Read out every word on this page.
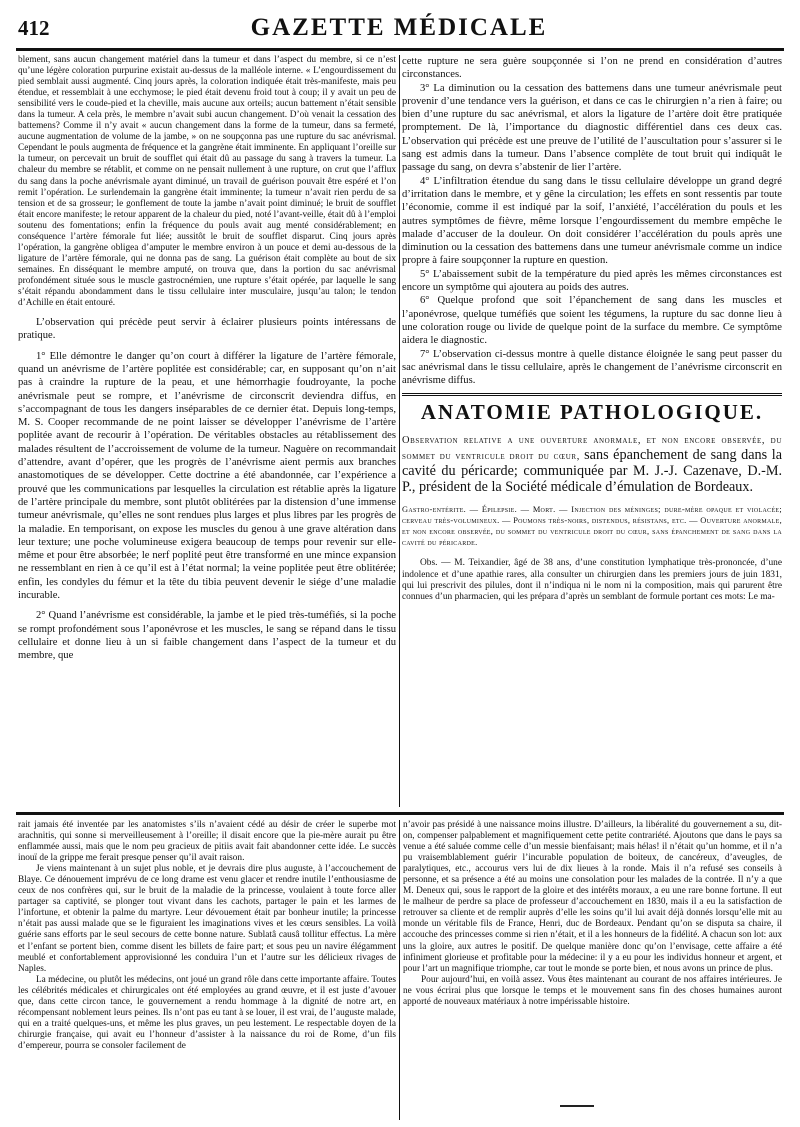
412	GAZETTE MÉDICALE

blement, sans aucun changement matériel dans la tumeur et dans l’aspect du membre, si ce n’est qu’une légère coloration purpurine existait au-dessus de la malléole interne. « L’engourdissement du pied semblait aussi augmenté. Cinq jours après, la coloration indiquée était très-manifeste, mais peu étendue, et ressemblait à une ecchymose; le pied était devenu froid tout à coup; il y avait un peu de sensibilité vers le coude-pied et la cheville, mais aucune aux orteils; aucun battement n’était sensible dans la tumeur. A cela près, le membre n’avait subi aucun changement. D’où venait la cessation des battemens? Comme il n’y avait « aucun changement dans la forme de la tumeur, dans sa fermeté, aucune augmentation de volume de la jambe, » on ne soupçonna pas une rupture du sac anévrismal. Cependant le pouls augmenta de fréquence et la gangrène était imminente. En appliquant l’oreille sur la tumeur, on percevait un bruit de soufflet qui était dû au passage du sang à travers la tumeur. La chaleur du membre se rétablit, et comme on ne pensait nullement à une rupture, on crut que l’afflux du sang dans la poche anévrismale ayant diminué, un travail de guérison pouvait être espéré et l’on remit l’opération. Le surlendemain la gangrène était imminente; la tumeur n’avait rien perdu de sa tension et de sa grosseur; le gonflement de toute la jambe n’avait point diminué; le bruit de soufflet était encore manifeste; le retour apparent de la chaleur du pied, noté l’avant-veille, était dû à l’emploi soutenu des fomentations; enfin la fréquence du pouls avait aug menté considérablement; en conséquence l’artère fémorale fut liée; aussitôt le bruit de soufflet disparut. Cinq jours après l’opération, la gangrène obligea d’amputer le membre environ à un pouce et demi au-dessous de la ligature de l’artère fémorale, qui ne donna pas de sang. La guérison était complète au bout de six semaines. En disséquant le membre amputé, on trouva que, dans la portion du sac anévrismal profondément située sous le muscle gastrocnémien, une rupture s’était opérée, par laquelle le sang s’était répandu abondamment dans le tissu cellulaire inter musculaire, jusqu’au talon; le tendon d’Achille en était entouré.

L’observation qui précède peut servir à éclairer plusieurs points intéressans de pratique.

1° Elle démontre le danger qu’on court à différer la ligature de l’artère fémorale, quand un anévrisme de l’artère poplitée est considérable; car, en supposant qu’on n’ait pas à craindre la rupture de la peau, et une hémorrhagie foudroyante, la poche anévrismale peut se rompre, et l’anévrisme de circonscrit deviendra diffus, en s’accompagnant de tous les dangers inséparables de ce dernier état. Depuis long-temps, M. S. Cooper recommande de ne point laisser se développer l’anévrisme de l’artère poplitée avant de recourir à l’opération. De véritables obstacles au rétablissement des malades résultent de l’accroissement de volume de la tumeur. Naguère on recommandait d’attendre, avant d’opérer, que les progrès de l’anévrisme aient permis aux branches anastomotiques de se développer. Cette doctrine a été abandonnée, car l’expérience a prouvé que les communications par lesquelles la circulation est rétablie après la ligature de l’artère principale du membre, sont plutôt oblitérées par la distension d’une immense tumeur anévrismale, qu’elles ne sont rendues plus larges et plus libres par les progrès de la maladie. En temporisant, on expose les muscles du genou à une grave altération dans leur texture; une poche volumineuse exigera beaucoup de temps pour revenir sur elle-même et pour être absorbée; le nerf poplité peut être transformé en une mince expansion ne ressemblant en rien à ce qu’il est à l’état normal; la veine poplitée peut être oblitérée; enfin, les condyles du fémur et la tête du tibia peuvent devenir le siége d’une maladie incurable.

2° Quand l’anévrisme est considérable, la jambe et le pied très-tuméfiés, si la poche se rompt profondément sous l’aponévrose et les muscles, le sang se répand dans le tissu cellulaire et donne lieu à un si faible changement dans l’aspect de la tumeur et du membre, que

cette rupture ne sera guère soupçonnée si l’on ne prend en considération d’autres circonstances.

3° La diminution ou la cessation des battemens dans une tumeur anévrismale peut provenir d’une tendance vers la guérison, et dans ce cas le chirurgien n’a rien à faire; ou bien d’une rupture du sac anévrismal, et alors la ligature de l’artère doit être pratiquée promptement. De là, l’importance du diagnostic différentiel dans ces deux cas. L’observation qui précède est une preuve de l’utilité de l’auscultation pour s’assurer si le sang est admis dans la tumeur. Dans l’absence complète de tout bruit qui indiquât le passage du sang, on devra s’abstenir de lier l’artère.

4° L’infiltration étendue du sang dans le tissu cellulaire développe un grand degré d’irritation dans le membre, et y gêne la circulation; les effets en sont ressentis par toute l’économie, comme il est indiqué par la soif, l’anxiété, l’accélération du pouls et les autres symptômes de fièvre, même lorsque l’engourdissement du membre empêche le malade d’accuser de la douleur. On doit considérer l’accélération du pouls après une diminution ou la cessation des battemens dans une tumeur anévrismale comme un indice propre à faire soupçonner la rupture en question.

5° L’abaissement subit de la température du pied après les mêmes circonstances est encore un symptôme qui ajoutera au poids des autres.

6° Quelque profond que soit l’épanchement de sang dans les muscles et l’aponévrose, quelque tuméfiés que soient les tégumens, la rupture du sac donne lieu à une coloration rouge ou livide de quelque point de la surface du membre. Ce symptôme aidera le diagnostic.

7° L’observation ci-dessus montre à quelle distance éloignée le sang peut passer du sac anévrismal dans le tissu cellulaire, après le changement de l’anévrisme circonscrit en anévrisme diffus.

ANATOMIE PATHOLOGIQUE.

Observation relative a une ouverture anormale, et non encore observée, du sommet du ventricule droit du cœur, sans épanchement de sang dans la cavité du péricarde; communiquée par M. J.-J. Cazenave, D.-M. P., président de la Société médicale d’émulation de Bordeaux.

Gastro-entérite. — Épilepsie. — Mort. — Injection des méninges; dure-mère opaque et violacée; cerveau très-volumineux. — Poumons très-noirs, distendus, résistans, etc. — Ouverture anormale, et non encore observée, du sommet du ventricule droit du cœur, sans épanchement de sang dans la cavité du péricarde.

Obs. — M. Teixandier, âgé de 38 ans, d’une constitution lymphatique très-prononcée, d’une indolence et d’une apathie rares, alla consulter un chirurgien dans les premiers jours de juin 1831, qui lui prescrivit des pilules, dont il n’indiqua ni le nom ni la composition, mais qui parurent être connues d’un pharmacien, qui les prépara d’après un semblant de formule portant ces mots: Le ma-

rait jamais été inventée par les anatomistes s’ils n’avaient cédé au désir de créer le superbe mot arachnitis, qui sonne si merveilleusement à l’oreille; il disait encore que la pie-mère aurait pu être enflammée aussi, mais que le nom peu gracieux de pitiis avait fait abandonner cette idée. Le succès inouï de la grippe me ferait presque penser qu’il avait raison.

Je viens maintenant à un sujet plus noble, et je devrais dire plus auguste, à l’accouchement de Blaye. Ce dénouement imprévu de ce long drame est venu glacer et rendre inutile l’enthousiasme de ceux de nos confrères qui, sur le bruit de la maladie de la princesse, voulaient à toute force aller partager sa captivité, se plonger tout vivant dans les cachots, partager le pain et les larmes de l’infortune, et obtenir la palme du martyre. Leur dévouement était par bonheur inutile; la princesse n’était pas aussi malade que se le figuraient les imaginations vives et les cœurs sensibles. La voilà guérie sans efforts par le seul secours de cette bonne nature. Sublatâ causâ tollitur effectus. La mère et l’enfant se portent bien, comme disent les billets de faire part; et sous peu un navire élégamment meublé et confortablement approvisionné les conduira l’un et l’autre sur les délicieux rivages de Naples.

La médecine, ou plutôt les médecins, ont joué un grand rôle dans cette importante affaire. Toutes les célébrités médicales et chirurgicales ont été employées au grand œuvre, et il est juste d’avouer que, dans cette circon tance, le gouvernement a rendu hommage à la dignité de notre art, en récompensant noblement leurs peines. Ils n’ont pas eu tant à se louer, il est vrai, de l’auguste malade, qui en a traité quelques-uns, et même les plus graves, un peu lestement. Le respectable doyen de la chirurgie française, qui avait eu l’honneur d’assister à la naissance du roi de Rome, d’un fils d’empereur, pourra se consoler facilement de

n’avoir pas présidé à une naissance moins illustre. D’ailleurs, la libéralité du gouvernement a su, dit-on, compenser palpablement et magnifiquement cette petite contrariété. Ajoutons que dans le pays sa venue a été saluée comme celle d’un messie bienfaisant; mais hélas! il n’était qu’un homme, et il n’a pu vraisemblablement guérir l’incurable population de boiteux, de cancéreux, d’aveugles, de paralytiques, etc., accourus vers lui de dix lieues à la ronde. Mais il n’a refusé ses conseils à personne, et sa présence a été au moins une consolation pour les malades de la contrée. Il n’y a que M. Deneux qui, sous le rapport de la gloire et des intérêts moraux, a eu une rare bonne fortune. Il eut le malheur de perdre sa place de professeur d’accouchement en 1830, mais il a eu la satisfaction de retrouver sa cliente et de remplir auprès d’elle les soins qu’il lui avait déjà donnés lorsqu’elle mit au monde un véritable fils de France, Henri, duc de Bordeaux. Pendant qu’on se disputa sa chaire, il accouche des princesses comme si rien n’était, et il a les honneurs de la fidélité. A chacun son lot: aux uns la gloire, aux autres le positif. De quelque manière donc qu’on l’envisage, cette affaire a été infiniment glorieuse et profitable pour la médecine: il y a eu pour les individus honneur et argent, et pour l’art un magnifique triomphe, car tout le monde se porte bien, et nous avons un prince de plus.

Pour aujourd’hui, en voilà assez. Vous êtes maintenant au courant de nos affaires intérieures. Je ne vous écrirai plus que lorsque le temps et le mouvement sans fin des choses humaines auront apporté de nouveaux matériaux à notre impérissable histoire.
